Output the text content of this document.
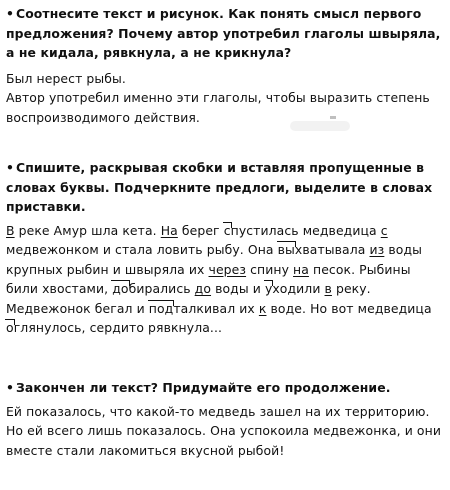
• Соотнесите текст и рисунок. Как понять смысл первого предложения? Почему автор употребил глаголы швыряла, а не кидала, рявкнула, а не крикнула?
Был нерест рыбы.
Автор употребил именно эти глаголы, чтобы выразить степень воспроизводимого действия.
• Спишите, раскрывая скобки и вставляя пропущенные в словах буквы. Подчеркните предлоги, выделите в словах приставки.
В реке Амур шла кета. На берег спустилась медведица с медвежонком и стала ловить рыбу. Она выхватывала из воды крупных рыбин и швыряла их через спину на песок. Рыбины били хвостами, добирались до воды и уходили в реку. Медвежонок бегал и подталкивал их к воде. Но вот медведица оглянулось, сердито рявкнула...
• Закончен ли текст? Придумайте его продолжение.
Ей показалось, что какой-то медведь зашел на их территорию. Но ей всего лишь показалось. Она успокоила медвежонка, и они вместе стали лакомиться вкусной рыбой!
